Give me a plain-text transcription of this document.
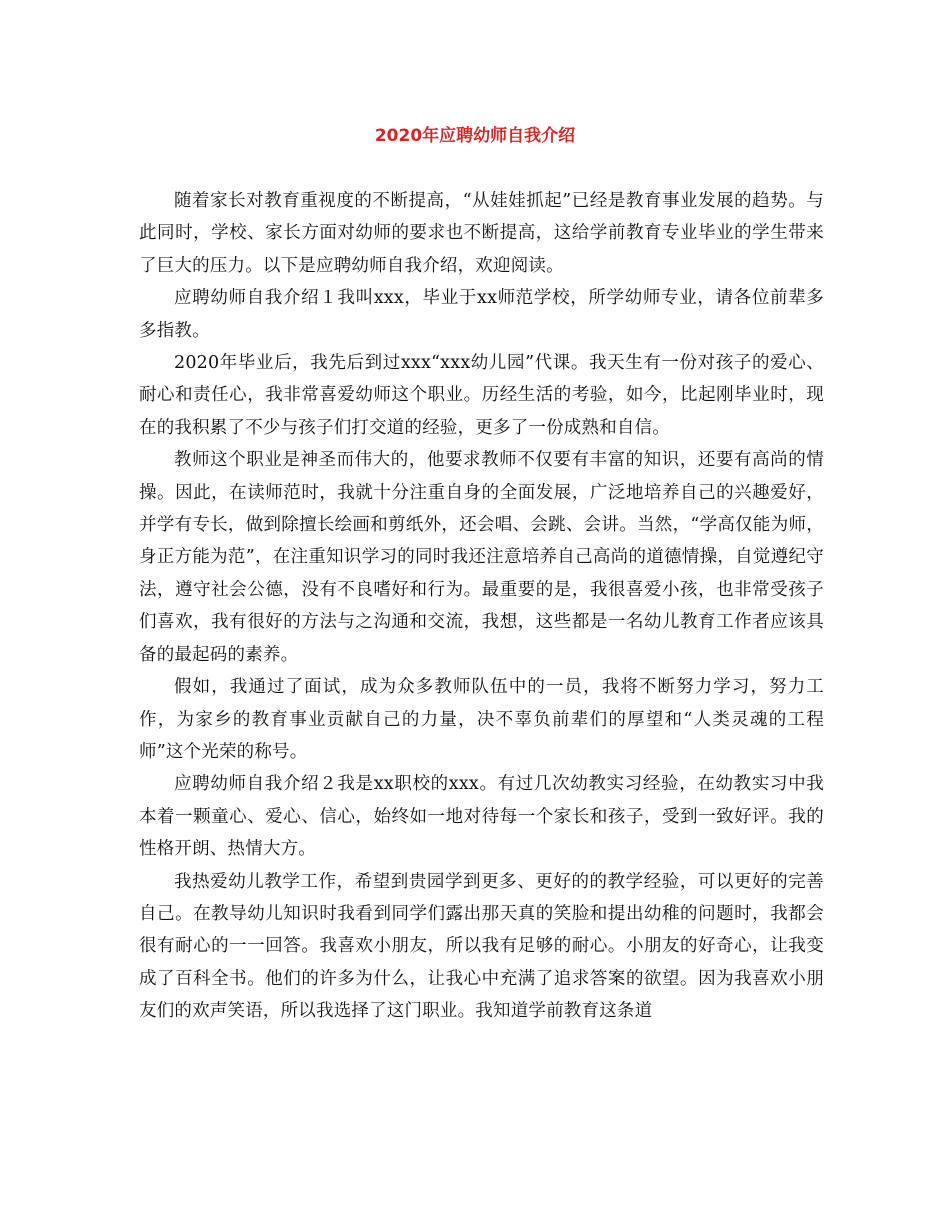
2020年应聘幼师自我介绍

随着家长对教育重视度的不断提高，“从娃娃抓起”已经是教育事业发展的趋势。与此同时，学校、家长方面对幼师的要求也不断提高，这给学前教育专业毕业的学生带来了巨大的压力。以下是应聘幼师自我介绍，欢迎阅读。

应聘幼师自我介绍１我叫xxx，毕业于xx师范学校，所学幼师专业，请各位前辈多多指教。

2020年毕业后，我先后到过xxx“xxx幼儿园”代课。我天生有一份对孩子的爱心、耐心和责任心，我非常喜爱幼师这个职业。历经生活的考验，如今，比起刚毕业时，现在的我积累了不少与孩子们打交道的经验，更多了一份成熟和自信。

教师这个职业是神圣而伟大的，他要求教师不仅要有丰富的知识，还要有高尚的情操。因此，在读师范时，我就十分注重自身的全面发展，广泛地培养自己的兴趣爱好，并学有专长，做到除擅长绘画和剪纸外，还会唱、会跳、会讲。当然，“学高仅能为师，身正方能为范”，在注重知识学习的同时我还注意培养自己高尚的道德情操，自觉遵纪守法，遵守社会公德，没有不良嗜好和行为。最重要的是，我很喜爱小孩，也非常受孩子们喜欢，我有很好的方法与之沟通和交流，我想，这些都是一名幼儿教育工作者应该具备的最起码的素养。

假如，我通过了面试，成为众多教师队伍中的一员，我将不断努力学习，努力工作，为家乡的教育事业贡献自己的力量，决不辜负前辈们的厚望和“人类灵魂的工程师”这个光荣的称号。

应聘幼师自我介绍２我是xx职校的xxx。有过几次幼教实习经验，在幼教实习中我本着一颗童心、爱心、信心，始终如一地对待每一个家长和孩子，受到一致好评。我的性格开朗、热情大方。

我热爱幼儿教学工作，希望到贵园学到更多、更好的的教学经验，可以更好的完善自己。在教导幼儿知识时我看到同学们露出那天真的笑脸和提出幼稚的问题时，我都会很有耐心的一一回答。我喜欢小朋友，所以我有足够的耐心。小朋友的好奇心，让我变成了百科全书。他们的许多为什么，让我心中充满了追求答案的欲望。因为我喜欢小朋友们的欢声笑语，所以我选择了这门职业。我知道学前教育这条道
